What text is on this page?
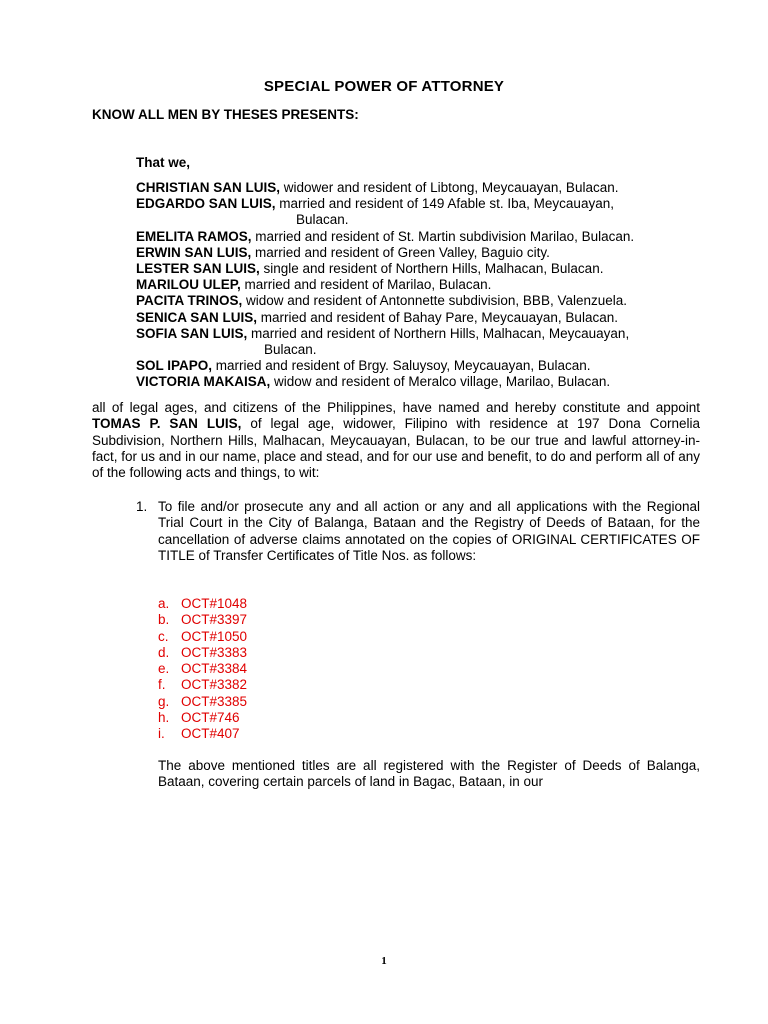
SPECIAL POWER OF ATTORNEY
KNOW ALL MEN BY THESES PRESENTS:
That we,
CHRISTIAN SAN LUIS, widower and resident of Libtong, Meycauayan, Bulacan.
EDGARDO SAN LUIS, married and resident of 149 Afable st. Iba, Meycauayan,
Bulacan.
EMELITA RAMOS, married and resident of St. Martin subdivision Marilao, Bulacan.
ERWIN SAN LUIS, married and resident of Green Valley, Baguio city.
LESTER SAN LUIS, single and resident of Northern Hills, Malhacan, Bulacan.
MARILOU ULEP, married and resident of Marilao, Bulacan.
PACITA TRINOS, widow and resident of Antonnette subdivision, BBB, Valenzuela.
SENICA SAN LUIS, married and resident of Bahay Pare, Meycauayan, Bulacan.
SOFIA SAN LUIS, married and resident of Northern Hills, Malhacan, Meycauayan,
Bulacan.
SOL IPAPO, married and resident of Brgy. Saluysoy, Meycauayan, Bulacan.
VICTORIA MAKAISA, widow and resident of Meralco village, Marilao, Bulacan.
all of legal ages, and citizens of the Philippines, have named and hereby constitute and appoint TOMAS P. SAN LUIS, of legal age, widower, Filipino with residence at 197 Dona Cornelia Subdivision, Northern Hills, Malhacan, Meycauayan, Bulacan, to be our true and lawful attorney-in-fact, for us and in our name, place and stead, and for our use and benefit, to do and perform all of any of the following acts and things, to wit:
1. To file and/or prosecute any and all action or any and all applications with the Regional Trial Court in the City of Balanga, Bataan and the Registry of Deeds of Bataan, for the cancellation of adverse claims annotated on the copies of ORIGINAL CERTIFICATES OF TITLE of Transfer Certificates of Title Nos. as follows:
a. OCT#1048
b. OCT#3397
c. OCT#1050
d. OCT#3383
e. OCT#3384
f. OCT#3382
g. OCT#3385
h. OCT#746
i. OCT#407
The above mentioned titles are all registered with the Register of Deeds of Balanga, Bataan, covering certain parcels of land in Bagac, Bataan, in our
1
